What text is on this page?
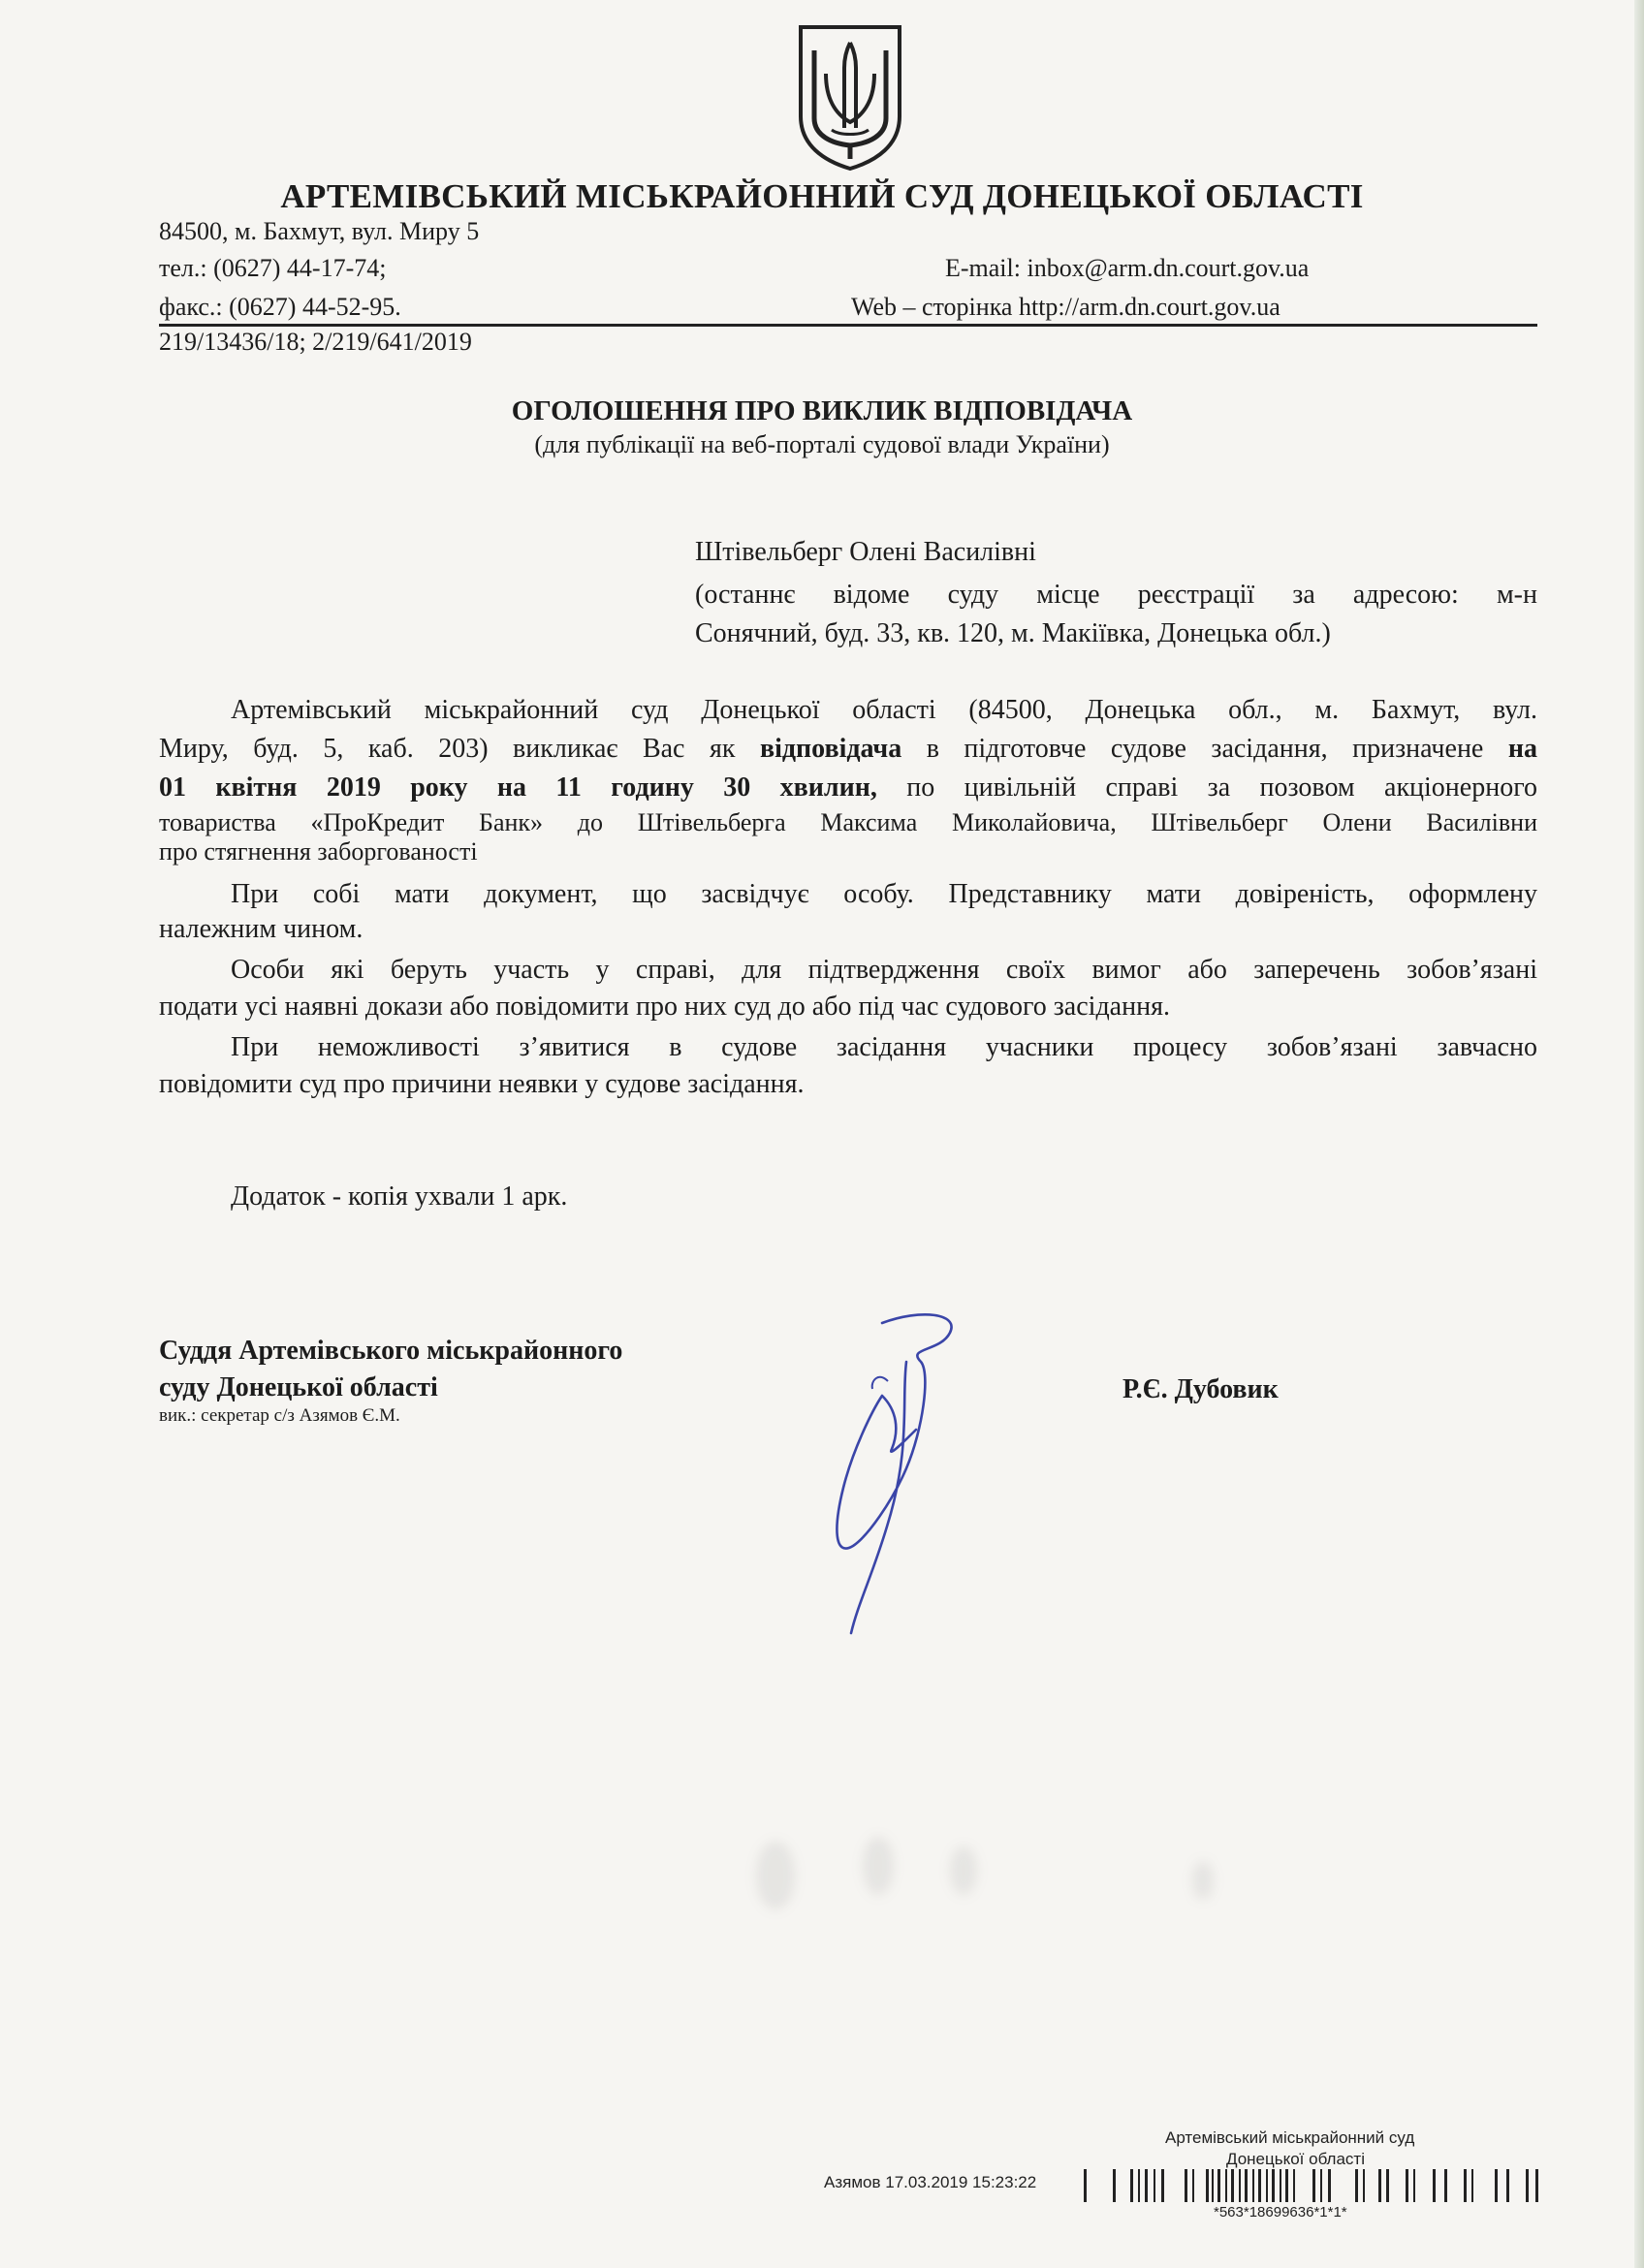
АРТЕМІВСЬКИЙ МІСЬКРАЙОННИЙ СУД ДОНЕЦЬКОЇ ОБЛАСТІ
84500, м. Бахмут, вул. Миру 5
тел.: (0627) 44-17-74;	E-mail: inbox@arm.dn.court.gov.ua
факс.: (0627) 44-52-95.	Web – сторінка http://arm.dn.court.gov.ua
219/13436/18; 2/219/641/2019
ОГОЛОШЕННЯ ПРО ВИКЛИК ВІДПОВІДАЧА
(для публікації на веб-порталі судової влади України)
Штівельберг Олені Василівні
(останнє відоме суду місце реєстрації за адресою: м-н
Сонячний, буд. 33, кв. 120, м. Макіївка, Донецька обл.)
Артемівський міськрайонний суд Донецької області (84500, Донецька обл., м. Бахмут, вул.
Миру, буд. 5, каб. 203) викликає Вас як відповідача в підготовче судове засідання, призначене на
01 квітня 2019 року на 11 годину 30 хвилин, по цивільній справі за позовом акціонерного
товариства «ПроКредит Банк» до Штівельберга Максима Миколайовича, Штівельберг Олени Василівни
про стягнення заборгованості
При собі мати документ, що засвідчує особу. Представнику мати довіреність, оформлену
належним чином.
Особи які беруть участь у справі, для підтвердження своїх вимог або заперечень зобов’язані
подати усі наявні докази або повідомити про них суд до або під час судового засідання.
При неможливості з’явитися в судове засідання учасники процесу зобов’язані завчасно
повідомити суд про причини неявки у судове засідання.
Додаток - копія ухвали 1 арк.
Суддя Артемівського міськрайонного
суду Донецької області
вик.: секретар с/з Азямов Є.М.
Р.Є. Дубовик
Артемівський міськрайонний суд
Донецької області
Азямов 17.03.2019 15:23:22
*563*18699636*1*1*
